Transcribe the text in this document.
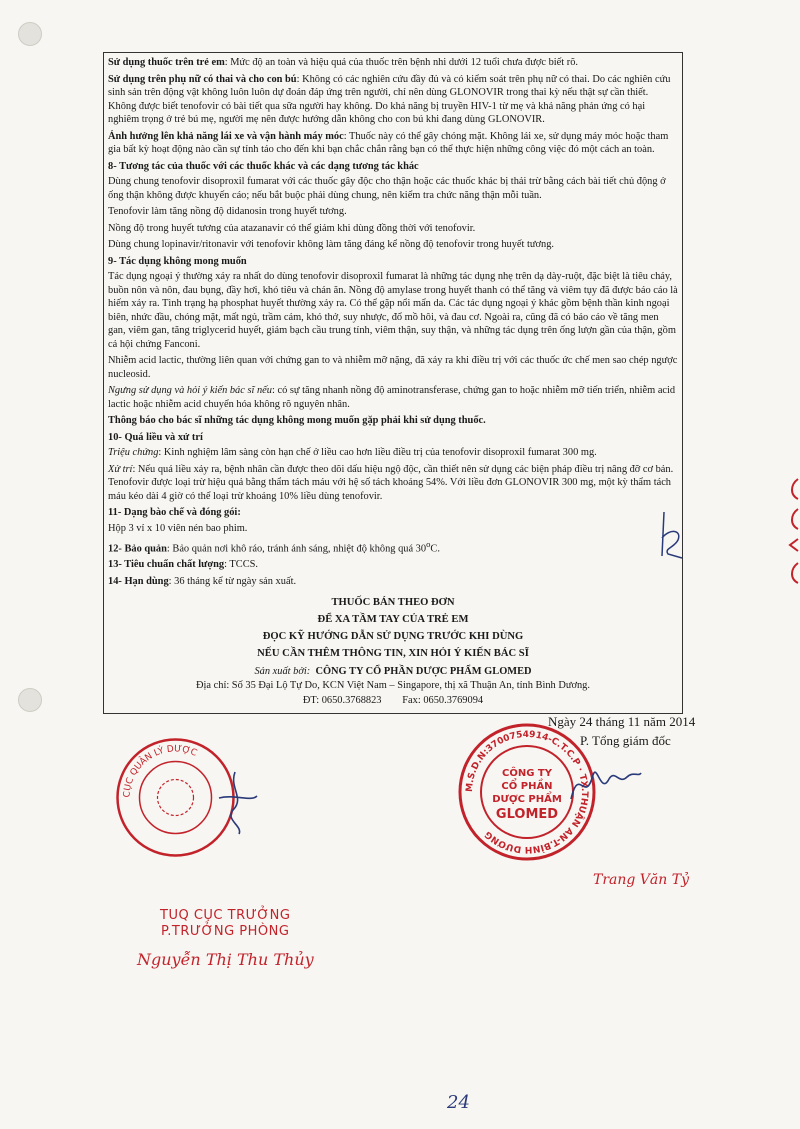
Sử dụng thuốc trên trẻ em: Mức độ an toàn và hiệu quả của thuốc trên bệnh nhi dưới 12 tuổi chưa được biết rõ.

Sử dụng trên phụ nữ có thai và cho con bú: Không có các nghiên cứu đầy đủ và có kiểm soát trên phụ nữ có thai. Do các nghiên cứu sinh sản trên động vật không luôn luôn dự đoán đáp ứng trên người, chỉ nên dùng GLONOVIR trong thai kỳ nếu thật sự cần thiết. Không được biết tenofovir có bài tiết qua sữa người hay không. Do khả năng bị truyền HIV-1 từ mẹ và khả năng phản ứng có hại nghiêm trọng ở trẻ bú mẹ, người mẹ nên được hướng dẫn không cho con bú khi đang dùng GLONOVIR.

Ảnh hưởng lên khả năng lái xe và vận hành máy móc: Thuốc này có thể gây chóng mặt. Không lái xe, sử dụng máy móc hoặc tham gia bất kỳ hoạt động nào cần sự tỉnh táo cho đến khi bạn chắc chắn rằng bạn có thể thực hiện những công việc đó một cách an toàn.

8- Tương tác của thuốc với các thuốc khác và các dạng tương tác khác

Dùng chung tenofovir disoproxil fumarat với các thuốc gây độc cho thận hoặc các thuốc khác bị thải trừ bằng cách bài tiết chủ động ở ống thận không được khuyến cáo; nếu bắt buộc phải dùng chung, nên kiểm tra chức năng thận mỗi tuần.

Tenofovir làm tăng nồng độ didanosin trong huyết tương.

Nồng độ trong huyết tương của atazanavir có thể giảm khi dùng đồng thời với tenofovir.

Dùng chung lopinavir/ritonavir với tenofovir không làm tăng đáng kể nồng độ tenofovir trong huyết tương.

9- Tác dụng không mong muốn

Tác dụng ngoại ý thường xảy ra nhất do dùng tenofovir disoproxil fumarat là những tác dụng nhẹ trên dạ dày-ruột, đặc biệt là tiêu chảy, buồn nôn và nôn, đau bụng, đầy hơi, khó tiêu và chán ăn. Nồng độ amylase trong huyết thanh có thể tăng và viêm tụy đã được báo cáo là hiếm xảy ra. Tình trạng hạ phosphat huyết thường xảy ra. Có thể gặp nổi mẩn da. Các tác dụng ngoại ý khác gồm bệnh thần kinh ngoại biên, nhức đầu, chóng mặt, mất ngủ, trầm cảm, khó thở, suy nhược, đổ mồ hôi, và đau cơ. Ngoài ra, cũng đã có báo cáo về tăng men gan, viêm gan, tăng triglycerid huyết, giảm bạch cầu trung tính, viêm thận, suy thận, và những tác dụng trên ống lượn gần của thận, gồm cả hội chứng Fanconi.

Nhiễm acid lactic, thường liên quan với chứng gan to và nhiễm mỡ nặng, đã xảy ra khi điều trị với các thuốc ức chế men sao chép ngược nucleosid.

Ngưng sử dụng và hỏi ý kiến bác sĩ nếu: có sự tăng nhanh nồng độ aminotransferase, chứng gan to hoặc nhiễm mỡ tiến triển, nhiễm acid lactic hoặc nhiễm acid chuyển hóa không rõ nguyên nhân.

Thông báo cho bác sĩ những tác dụng không mong muốn gặp phải khi sử dụng thuốc.

10- Quá liều và xử trí

Triệu chứng: Kinh nghiệm lâm sàng còn hạn chế ở liều cao hơn liều điều trị của tenofovir disoproxil fumarat 300 mg.

Xử trí: Nếu quá liều xảy ra, bệnh nhân cần được theo dõi dấu hiệu ngộ độc, cần thiết nên sử dụng các biện pháp điều trị nâng đỡ cơ bản. Tenofovir được loại trừ hiệu quả bằng thẩm tách máu với hệ số tách khoảng 54%. Với liều đơn GLONOVIR 300 mg, một kỳ thẩm tách máu kéo dài 4 giờ có thể loại trừ khoảng 10% liều dùng tenofovir.

11- Dạng bào chế và đóng gói:

Hộp 3 vỉ x 10 viên nén bao phim.

12- Bảo quản: Bảo quản nơi khô ráo, tránh ánh sáng, nhiệt độ không quá 30$^o$C.

13- Tiêu chuẩn chất lượng: TCCS.

14- Hạn dùng: 36 tháng kể từ ngày sản xuất.

THUỐC BÁN THEO ĐƠN

ĐỂ XA TẦM TAY CỦA TRẺ EM

ĐỌC KỸ HƯỚNG DẪN SỬ DỤNG TRƯỚC KHI DÙNG

NẾU CẦN THÊM THÔNG TIN, XIN HỎI Ý KIẾN BÁC SĨ

Sản xuất bởi: CÔNG TY CỔ PHẦN DƯỢC PHẨM GLOMED

Địa chỉ: Số 35 Đại Lộ Tự Do, KCN Việt Nam – Singapore, thị xã Thuận An, tỉnh Bình Dương.

ĐT: 0650.3768823 Fax: 0650.3769094

Ngày 24 tháng 11 năm 2014
P. Tổng giám đốc
CỤC QUẢN LÝ DƯỢC
TUQ CỤC TRƯỞNG
P.TRƯỞNG PHÒNG
Nguyễn Thị Thu Thủy
M.S.D.N:3700754914-C.T.C.P · TX.THUẬN AN-T.BÌNH DƯƠNG
CÔNG TY
CỔ PHẦN
DƯỢC PHẨM
GLOMED
Trang Văn Tỷ
24
